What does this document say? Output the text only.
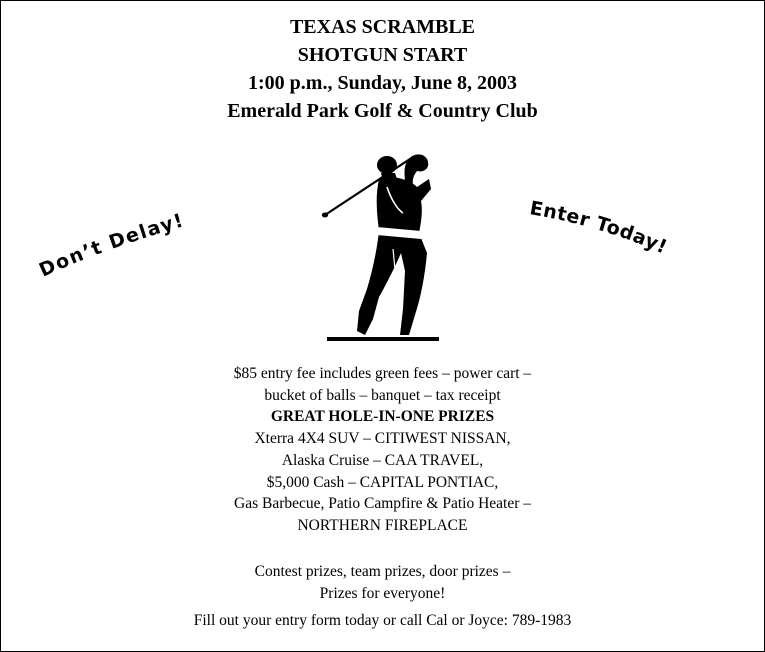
TEXAS SCRAMBLE
SHOTGUN START
1:00 p.m., Sunday, June 8, 2003
Emerald Park Golf & Country Club
Don’t Delay!	Enter Today!
$85 entry fee includes green fees – power cart –
bucket of balls – banquet – tax receipt
GREAT HOLE-IN-ONE PRIZES
Xterra 4X4 SUV – CITIWEST NISSAN,
Alaska Cruise – CAA TRAVEL,
$5,000 Cash – CAPITAL PONTIAC,
Gas Barbecue, Patio Campfire & Patio Heater –
NORTHERN FIREPLACE
Contest prizes, team prizes, door prizes –
Prizes for everyone!
Fill out your entry form today or call Cal or Joyce: 789-1983
